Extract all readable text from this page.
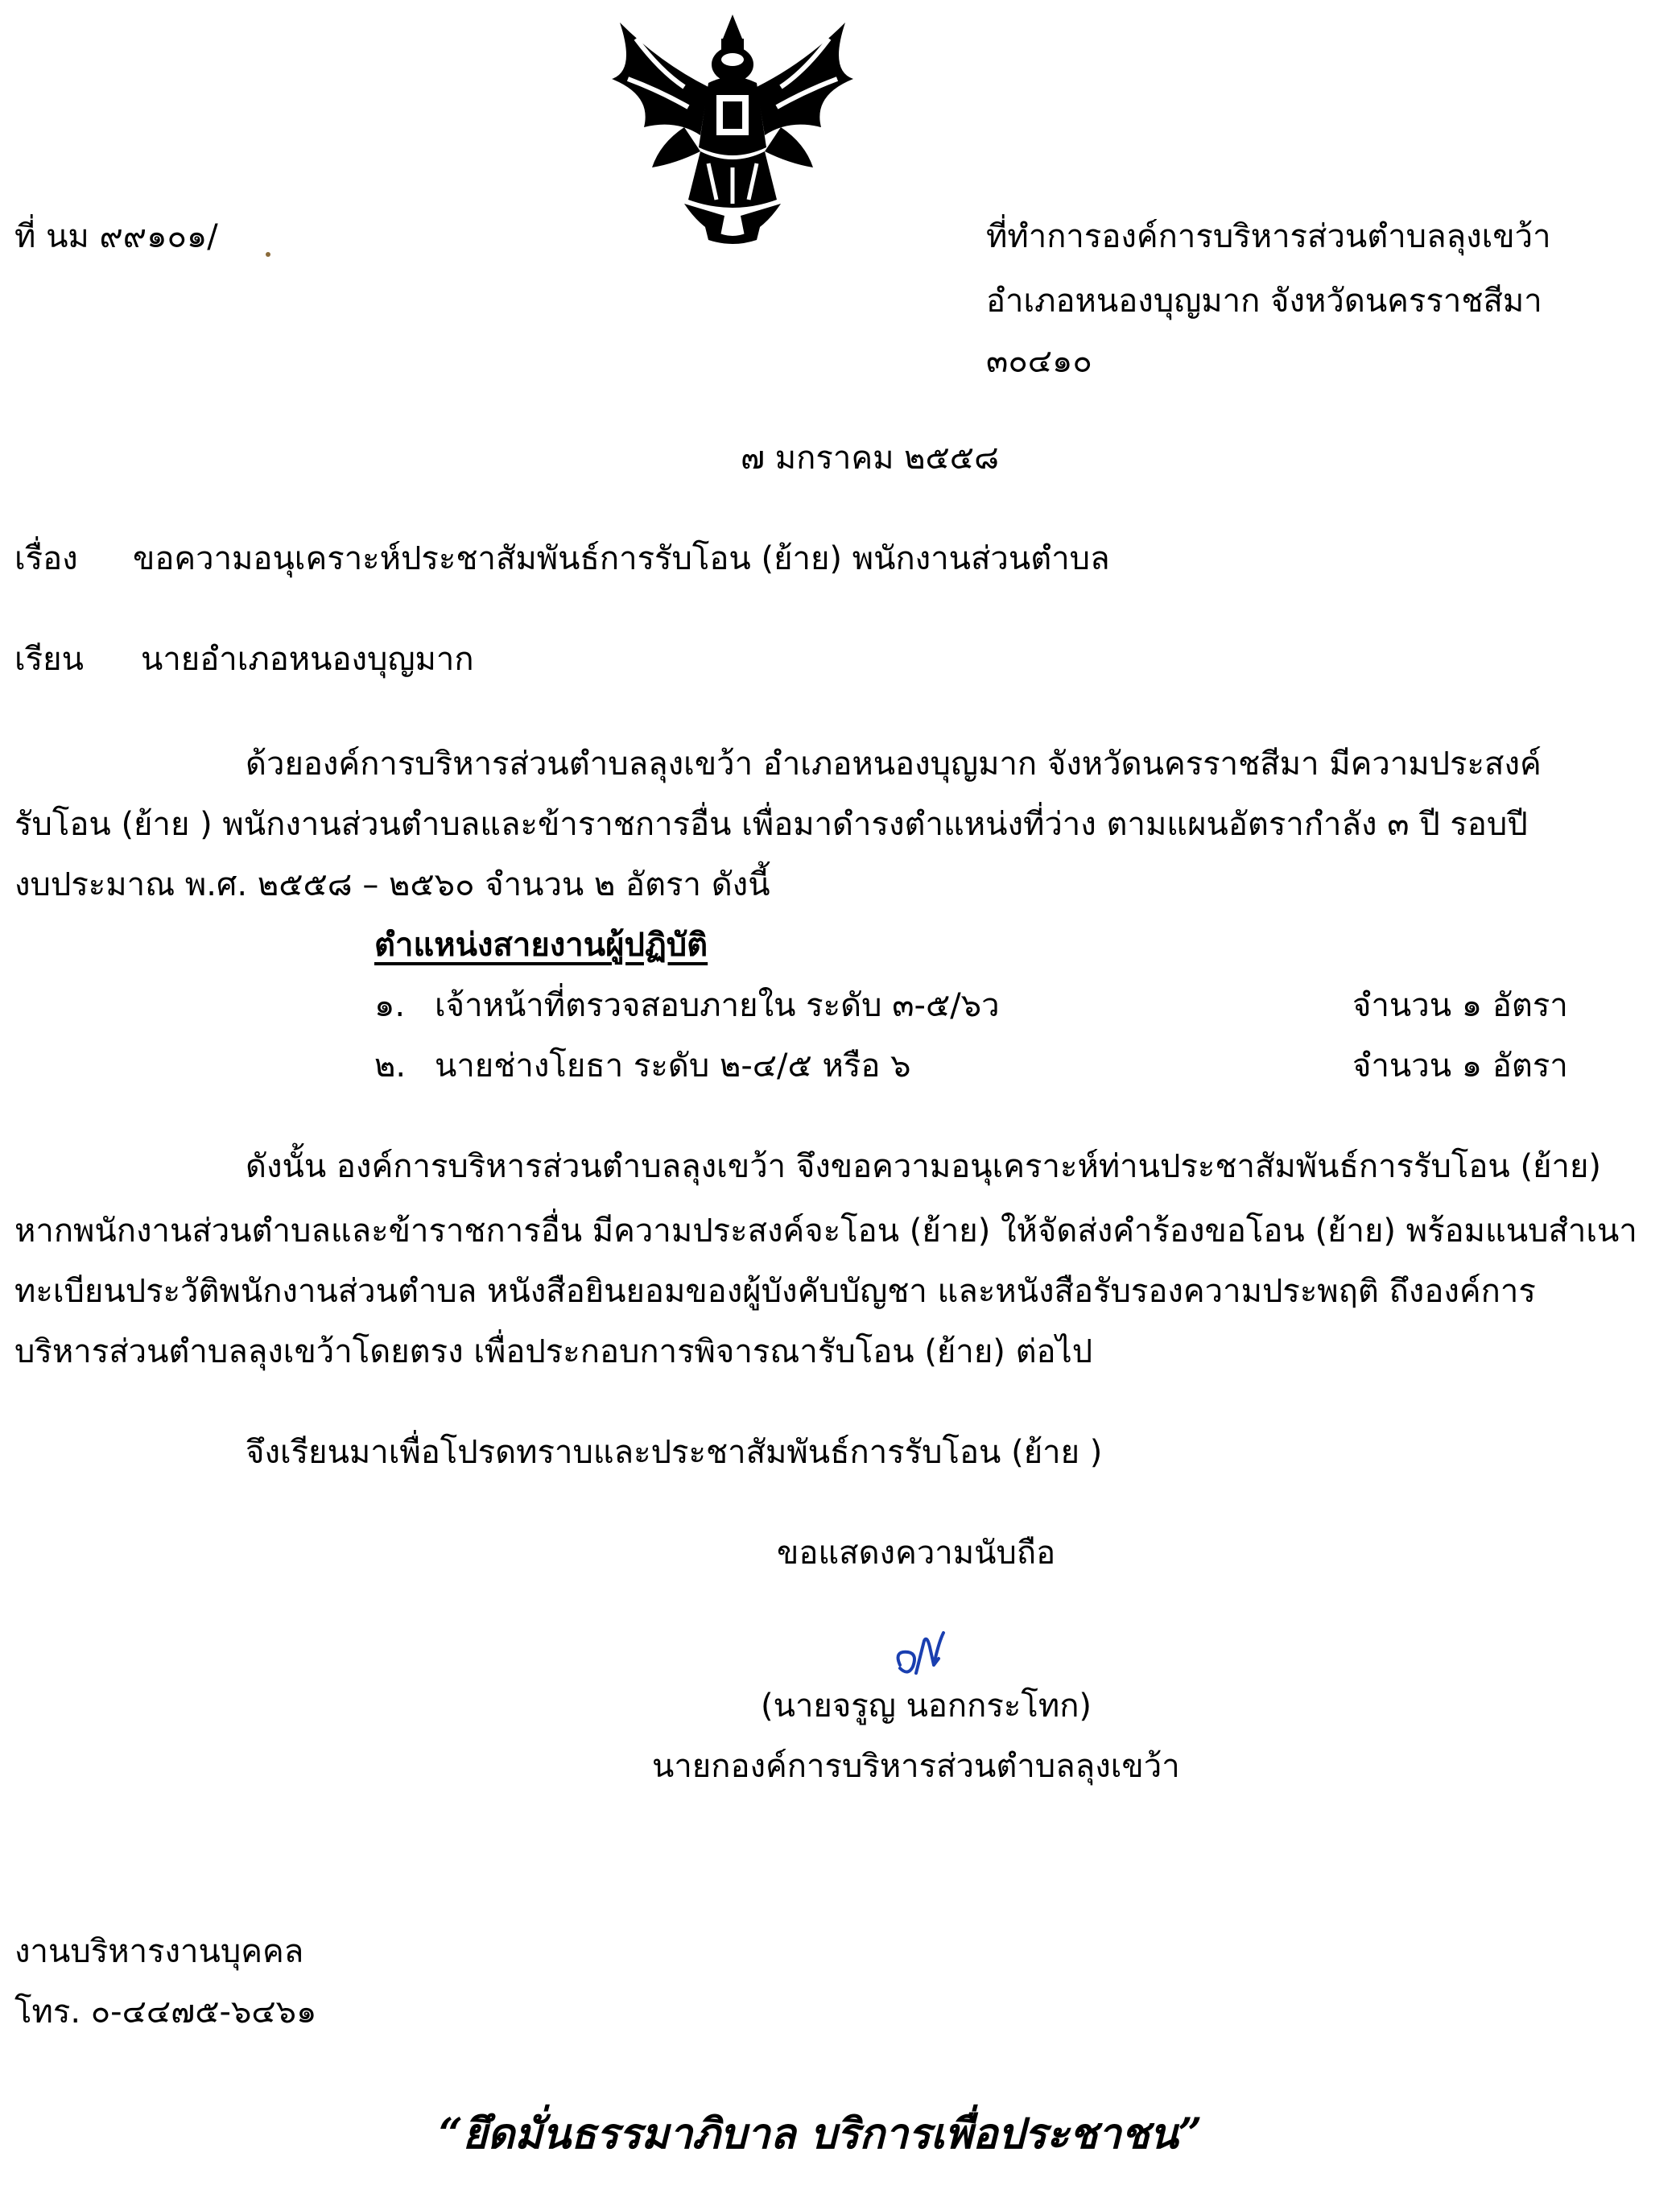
ที่ นม ๙๙๑๐๑/	ที่ทำการองค์การบริหารส่วนตำบลลุงเขว้า
อำเภอหนองบุญมาก จังหวัดนครราชสีมา
๓๐๔๑๐
๗ มกราคม ๒๕๕๘
เรื่อง ขอความอนุเคราะห์ประชาสัมพันธ์การรับโอน (ย้าย) พนักงานส่วนตำบล
เรียน นายอำเภอหนองบุญมาก
ด้วยองค์การบริหารส่วนตำบลลุงเขว้า อำเภอหนองบุญมาก จังหวัดนครราชสีมา มีความประสงค์
รับโอน (ย้าย ) พนักงานส่วนตำบลและข้าราชการอื่น เพื่อมาดำรงตำแหน่งที่ว่าง ตามแผนอัตรากำลัง ๓ ปี รอบปี
งบประมาณ พ.ศ. ๒๕๕๘ – ๒๕๖๐ จำนวน ๒ อัตรา ดังนี้
ตำแหน่งสายงานผู้ปฏิบัติ
๑. เจ้าหน้าที่ตรวจสอบภายใน ระดับ ๓-๕/๖ว	จำนวน ๑ อัตรา
๒. นายช่างโยธา ระดับ ๒-๔/๕ หรือ ๖	จำนวน ๑ อัตรา
ดังนั้น องค์การบริหารส่วนตำบลลุงเขว้า จึงขอความอนุเคราะห์ท่านประชาสัมพันธ์การรับโอน (ย้าย)
หากพนักงานส่วนตำบลและข้าราชการอื่น มีความประสงค์จะโอน (ย้าย) ให้จัดส่งคำร้องขอโอน (ย้าย) พร้อมแนบสำเนา
ทะเบียนประวัติพนักงานส่วนตำบล หนังสือยินยอมของผู้บังคับบัญชา และหนังสือรับรองความประพฤติ ถึงองค์การ
บริหารส่วนตำบลลุงเขว้าโดยตรง เพื่อประกอบการพิจารณารับโอน (ย้าย) ต่อไป
จึงเรียนมาเพื่อโปรดทราบและประชาสัมพันธ์การรับโอน (ย้าย )
ขอแสดงความนับถือ
(นายจรูญ นอกกระโทก)
นายกองค์การบริหารส่วนตำบลลุงเขว้า
งานบริหารงานบุคคล
โทร. ๐-๔๔๗๕-๖๔๖๑
“ยึดมั่นธรรมาภิบาล บริการเพื่อประชาชน”
